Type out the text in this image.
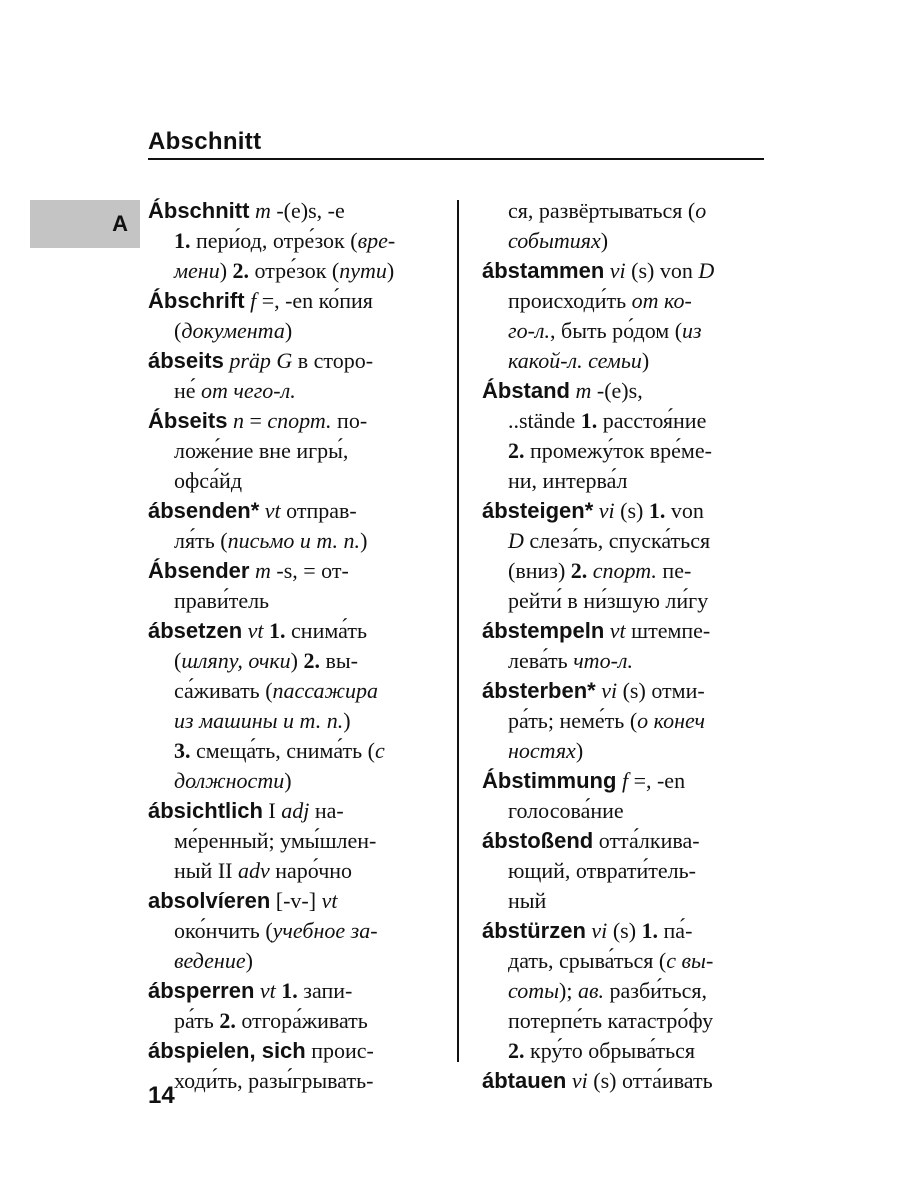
Abschnitt
A
Ábschnitt m -(e)s, -e
1. пери́од, отре́зок (вре-
мени) 2. отре́зок (пути)
Ábschrift f =, -en ко́пия
(документа)
ábseits präp G в сторо-
не́ от чего-л.
Ábseits n = спорт. по-
ложе́ние вне игры́,
офса́йд
ábsenden* vt отправ-
ля́ть (письмо и т. п.)
Ábsender m -s, = от-
прави́тель
ábsetzen vt 1. снима́ть
(шляпу, очки) 2. вы-
са́живать (пассажира
из машины и т. п.)
3. смеща́ть, снима́ть (с
должности)
ábsichtlich I adj на-
ме́ренный; умы́шлен-
ный II adv наро́чно
absolvíeren [-v-] vt
око́нчить (учебное за-
ведение)
ábsperren vt 1. запи-
ра́ть 2. отгора́живать
ábspielen, sich проис-
ходи́ть, разы́грывать-
ся, развёртываться (о
событиях)
ábstammen vi (s) von D
происходи́ть от ко-
го-л., быть ро́дом (из
какой-л. семьи)
Ábstand m -(e)s,
..stände 1. расстоя́ние
2. промежу́ток вре́ме-
ни, интерва́л
ábsteigen* vi (s) 1. von
D слеза́ть, спуска́ться
(вниз) 2. спорт. пе-
рейти́ в ни́зшую ли́гу
ábstempeln vt штемпе-
лева́ть что-л.
ábsterben* vi (s) отми-
ра́ть; неме́ть (о конеч
ностях)
Ábstimmung f =, -en
голосова́ние
ábstoßend отта́лкива-
ющий, отврати́тель-
ный
ábstürzen vi (s) 1. па́-
дать, срыва́ться (с вы-
соты); ав. разби́ться,
потерпе́ть катастро́фу
2. кру́то обрыва́ться
ábtauen vi (s) отта́ивать
14
